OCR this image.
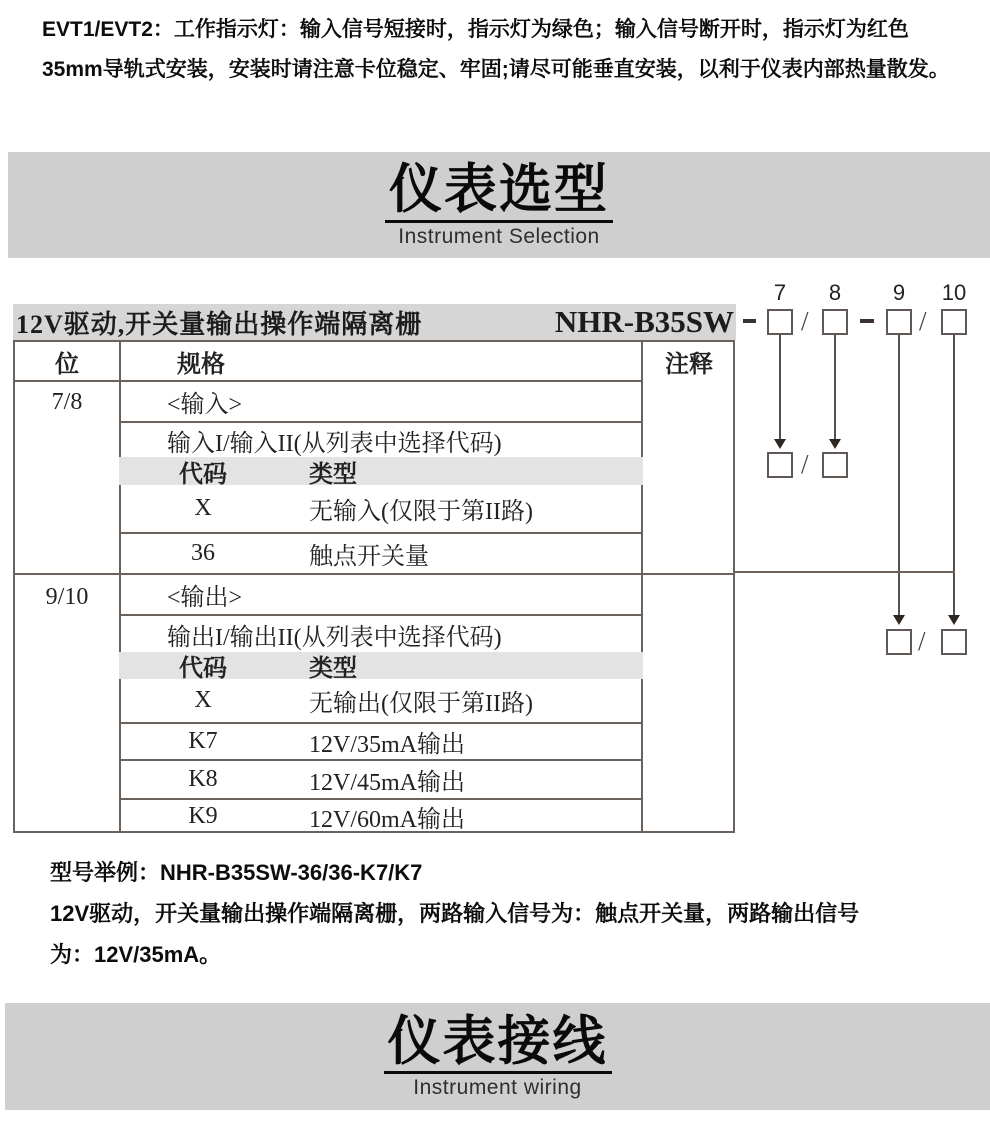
EVT1/EVT2：工作指示灯：输入信号短接时，指示灯为绿色；输入信号断开时，指示灯为红色
35mm导轨式安装，安装时请注意卡位稳定、牢固;请尽可能垂直安装，以利于仪表内部热量散发。
仪表选型
Instrument Selection
12V驱动,开关量输出操作端隔离栅	NHR-B35SW
位	规格	注释
7/8	<输入>
输入I/输入II(从列表中选择代码)
代码	类型
X	无输入(仅限于第II路)
36	触点开关量
9/10	<输出>
输出I/输出II(从列表中选择代码)
代码	类型
X	无输出(仅限于第II路)
K7	12V/35mA输出
K8	12V/45mA输出
K9	12V/60mA输出
7	8	9	10
/	/
/
/
型号举例：NHR-B35SW-36/36-K7/K7
12V驱动，开关量输出操作端隔离栅，两路输入信号为：触点开关量，两路输出信号
为：12V/35mA。
仪表接线
Instrument wiring
